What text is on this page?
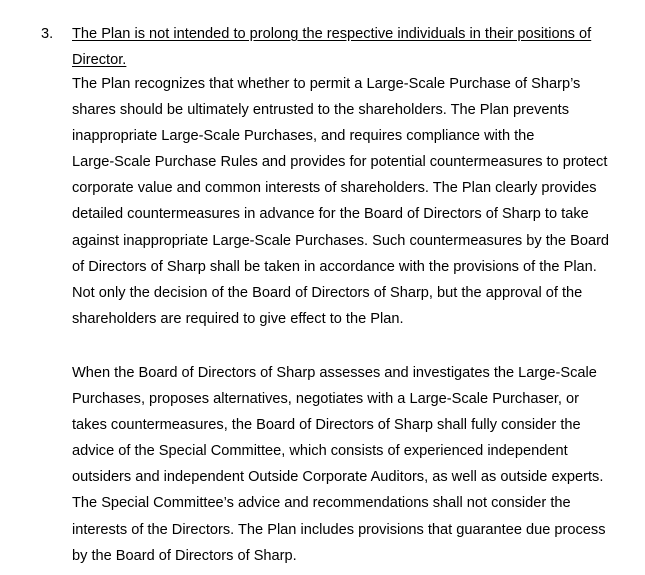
3. The Plan is not intended to prolong the respective individuals in their positions of
Director.

The Plan recognizes that whether to permit a Large-Scale Purchase of Sharp’s
shares should be ultimately entrusted to the shareholders. The Plan prevents
inappropriate Large-Scale Purchases, and requires compliance with the
Large-Scale Purchase Rules and provides for potential countermeasures to protect
corporate value and common interests of shareholders. The Plan clearly provides
detailed countermeasures in advance for the Board of Directors of Sharp to take
against inappropriate Large-Scale Purchases. Such countermeasures by the Board
of Directors of Sharp shall be taken in accordance with the provisions of the Plan.
Not only the decision of the Board of Directors of Sharp, but the approval of the
shareholders are required to give effect to the Plan.

When the Board of Directors of Sharp assesses and investigates the Large-Scale
Purchases, proposes alternatives, negotiates with a Large-Scale Purchaser, or
takes countermeasures, the Board of Directors of Sharp shall fully consider the
advice of the Special Committee, which consists of experienced independent
outsiders and independent Outside Corporate Auditors, as well as outside experts.
The Special Committee’s advice and recommendations shall not consider the
interests of the Directors. The Plan includes provisions that guarantee due process
by the Board of Directors of Sharp.
